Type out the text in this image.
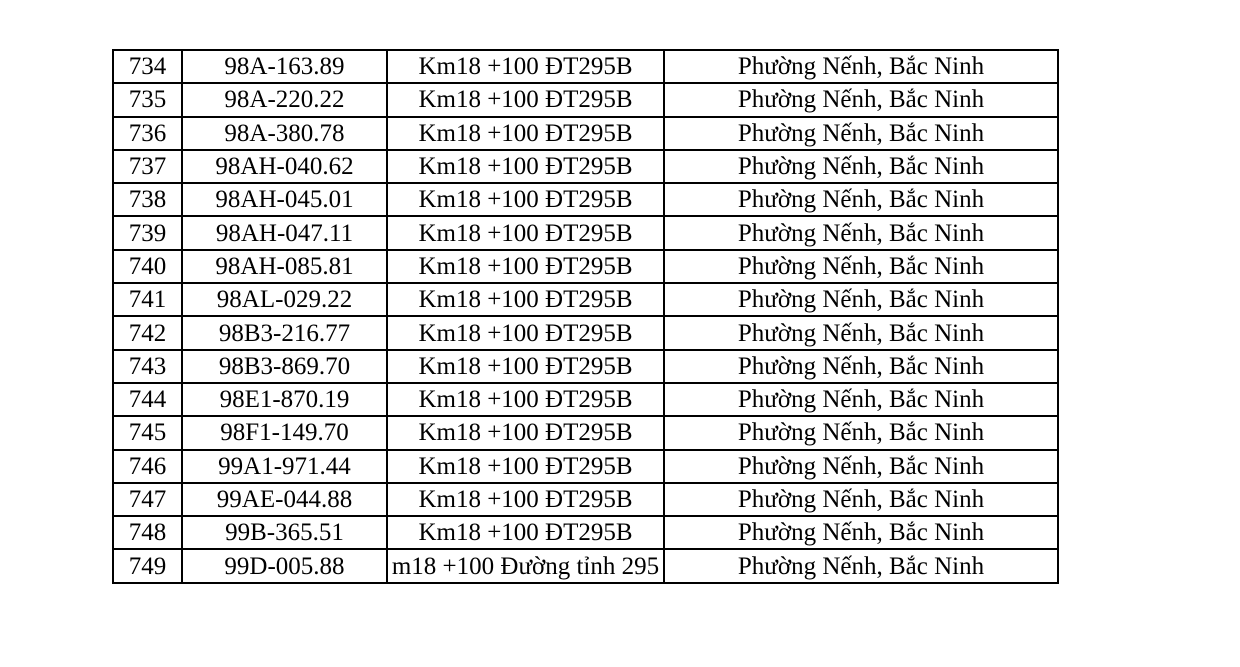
734	98A-163.89	Km18 +100 ĐT295B	Phường Nếnh, Bắc Ninh
735	98A-220.22	Km18 +100 ĐT295B	Phường Nếnh, Bắc Ninh
736	98A-380.78	Km18 +100 ĐT295B	Phường Nếnh, Bắc Ninh
737	98AH-040.62	Km18 +100 ĐT295B	Phường Nếnh, Bắc Ninh
738	98AH-045.01	Km18 +100 ĐT295B	Phường Nếnh, Bắc Ninh
739	98AH-047.11	Km18 +100 ĐT295B	Phường Nếnh, Bắc Ninh
740	98AH-085.81	Km18 +100 ĐT295B	Phường Nếnh, Bắc Ninh
741	98AL-029.22	Km18 +100 ĐT295B	Phường Nếnh, Bắc Ninh
742	98B3-216.77	Km18 +100 ĐT295B	Phường Nếnh, Bắc Ninh
743	98B3-869.70	Km18 +100 ĐT295B	Phường Nếnh, Bắc Ninh
744	98E1-870.19	Km18 +100 ĐT295B	Phường Nếnh, Bắc Ninh
745	98F1-149.70	Km18 +100 ĐT295B	Phường Nếnh, Bắc Ninh
746	99A1-971.44	Km18 +100 ĐT295B	Phường Nếnh, Bắc Ninh
747	99AE-044.88	Km18 +100 ĐT295B	Phường Nếnh, Bắc Ninh
748	99B-365.51	Km18 +100 ĐT295B	Phường Nếnh, Bắc Ninh
749	99D-005.88	m18 +100 Đường tỉnh 295	Phường Nếnh, Bắc Ninh
